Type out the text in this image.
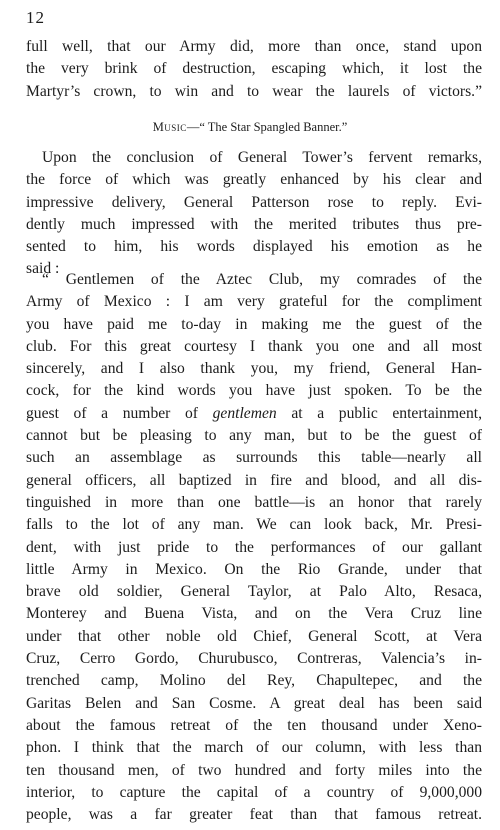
12
full well, that our Army did, more than once, stand upon
the very brink of destruction, escaping which, it lost the
Martyr’s crown, to win and to wear the laurels of victors.”
Music—“ The Star Spangled Banner.”
Upon the conclusion of General Tower’s fervent remarks,
the force of which was greatly enhanced by his clear and
impressive delivery, General Patterson rose to reply. Evi-
dently much impressed with the merited tributes thus pre-
sented to him, his words displayed his emotion as he
said :
“ Gentlemen of the Aztec Club, my comrades of the
Army of Mexico : I am very grateful for the compliment
you have paid me to-day in making me the guest of the
club. For this great courtesy I thank you one and all most
sincerely, and I also thank you, my friend, General Han-
cock, for the kind words you have just spoken. To be the
guest of a number of gentlemen at a public entertainment,
cannot but be pleasing to any man, but to be the guest of
such an assemblage as surrounds this table—nearly all
general officers, all baptized in fire and blood, and all dis-
tinguished in more than one battle—is an honor that rarely
falls to the lot of any man. We can look back, Mr. Presi-
dent, with just pride to the performances of our gallant
little Army in Mexico. On the Rio Grande, under that
brave old soldier, General Taylor, at Palo Alto, Resaca,
Monterey and Buena Vista, and on the Vera Cruz line
under that other noble old Chief, General Scott, at Vera
Cruz, Cerro Gordo, Churubusco, Contreras, Valencia’s in-
trenched camp, Molino del Rey, Chapultepec, and the
Garitas Belen and San Cosme. A great deal has been said
about the famous retreat of the ten thousand under Xeno-
phon. I think that the march of our column, with less than
ten thousand men, of two hundred and forty miles into the
interior, to capture the capital of a country of 9,000,000
people, was a far greater feat than that famous retreat.
